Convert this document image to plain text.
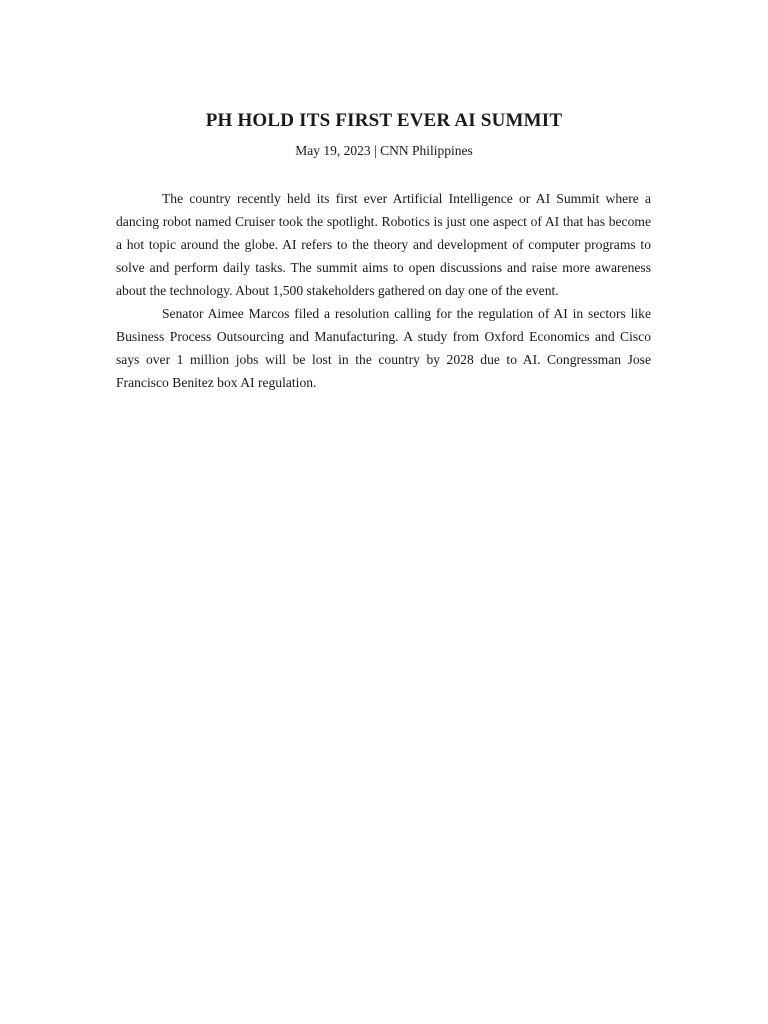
PH HOLD ITS FIRST EVER AI SUMMIT
May 19, 2023 | CNN Philippines

The country recently held its first ever Artificial Intelligence or AI Summit where a dancing robot named Cruiser took the spotlight. Robotics is just one aspect of AI that has become a hot topic around the globe. AI refers to the theory and development of computer programs to solve and perform daily tasks. The summit aims to open discussions and raise more awareness about the technology. About 1,500 stakeholders gathered on day one of the event.

Senator Aimee Marcos filed a resolution calling for the regulation of AI in sectors like Business Process Outsourcing and Manufacturing. A study from Oxford Economics and Cisco says over 1 million jobs will be lost in the country by 2028 due to AI. Congressman Jose Francisco Benitez box AI regulation.
